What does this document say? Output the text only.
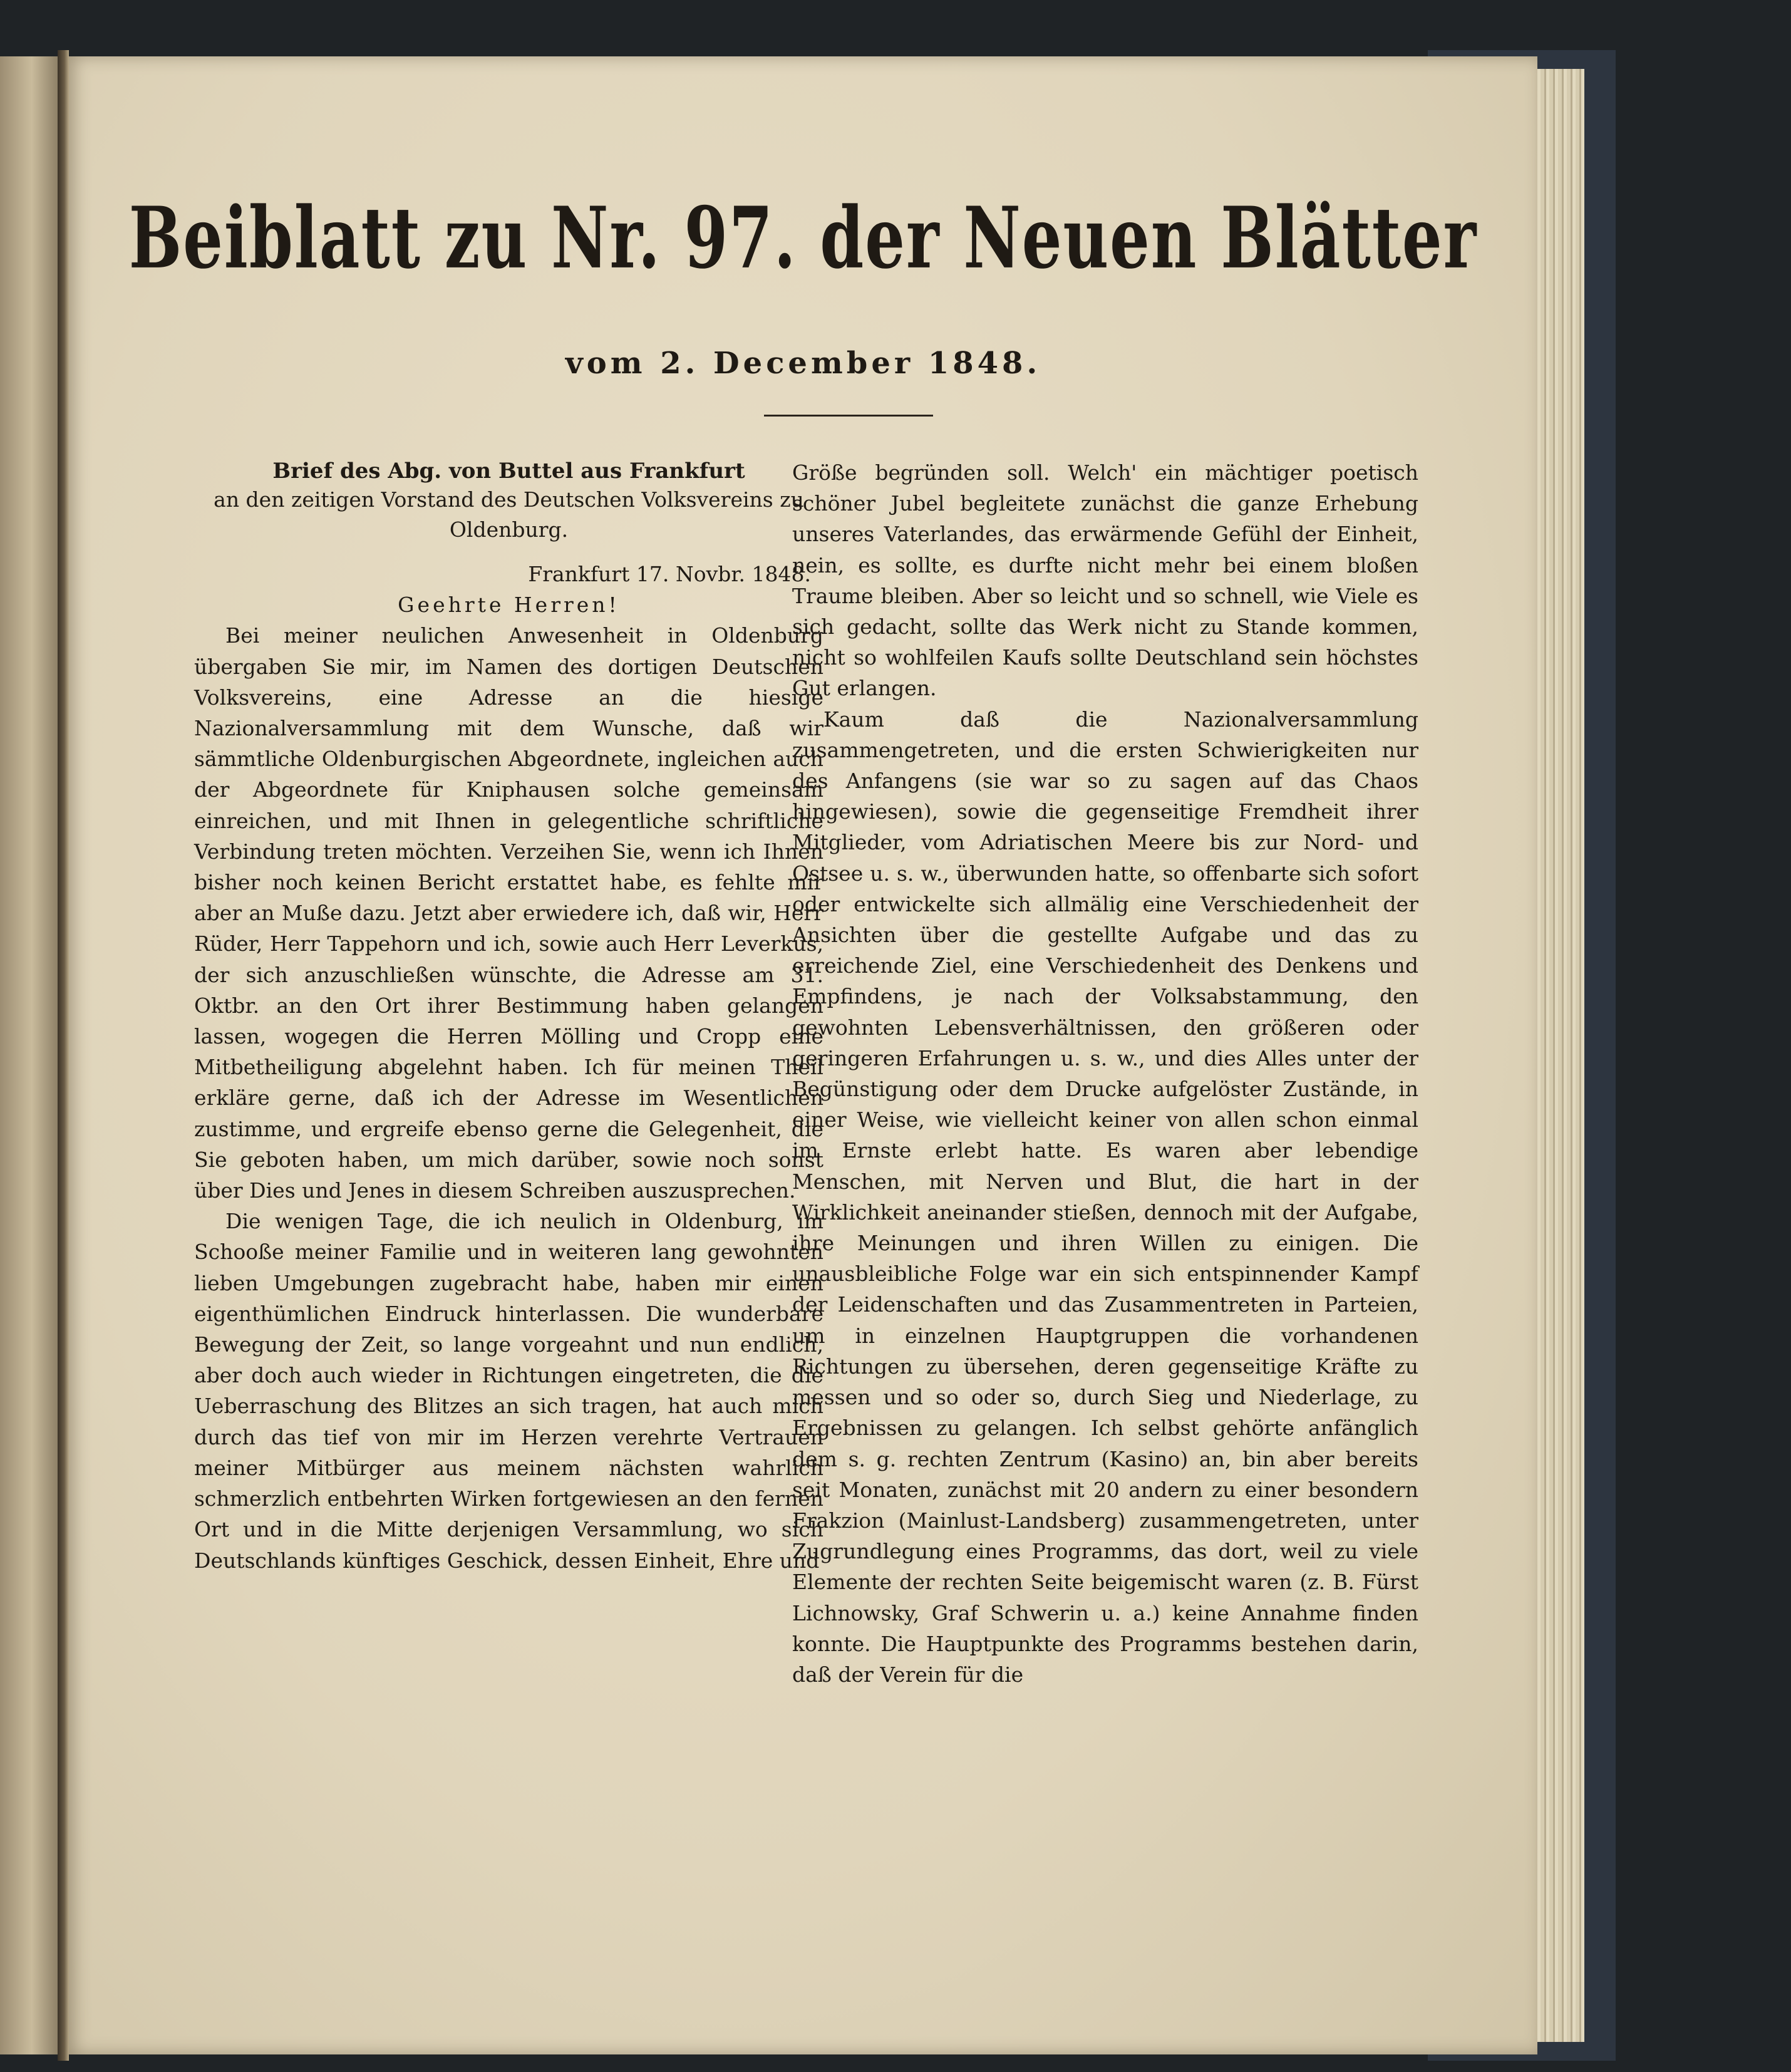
Beiblatt zu Nr. 97. der Neuen Blätter
vom 2. December 1848.

Brief des Abg. von Buttel aus Frankfurt

an den zeitigen Vorstand des Deutschen Volksvereins zu Oldenburg.

Frankfurt 17. Novbr. 1848.

Geehrte Herren!

Bei meiner neulichen Anwesenheit in Oldenburg übergaben Sie mir, im Namen des dortigen Deutschen Volksvereins, eine Adresse an die hiesige Nazionalversammlung mit dem Wunsche, daß wir sämmtliche Oldenburgischen Abgeordnete, ingleichen auch der Abgeordnete für Kniphausen solche gemeinsam einreichen, und mit Ihnen in gelegentliche schriftliche Verbindung treten möchten. Verzeihen Sie, wenn ich Ihnen bisher noch keinen Bericht erstattet habe, es fehlte mir aber an Muße dazu. Jetzt aber erwiedere ich, daß wir, Herr Rüder, Herr Tappehorn und ich, sowie auch Herr Leverkus, der sich anzuschließen wünschte, die Adresse am 31. Oktbr. an den Ort ihrer Bestimmung haben gelangen lassen, wogegen die Herren Mölling und Cropp eine Mitbetheiligung abgelehnt haben. Ich für meinen Theil erkläre gerne, daß ich der Adresse im Wesentlichen zustimme, und ergreife ebenso gerne die Gelegenheit, die Sie geboten haben, um mich darüber, sowie noch sonst über Dies und Jenes in diesem Schreiben auszusprechen.

Die wenigen Tage, die ich neulich in Oldenburg, im Schooße meiner Familie und in weiteren lang gewohnten lieben Umgebungen zugebracht habe, haben mir einen eigenthümlichen Eindruck hinterlassen. Die wunderbare Bewegung der Zeit, so lange vorgeahnt und nun endlich, aber doch auch wieder in Richtungen eingetreten, die die Ueberraschung des Blitzes an sich tragen, hat auch mich durch das tief von mir im Herzen verehrte Vertrauen meiner Mitbürger aus meinem nächsten wahrlich schmerzlich entbehrten Wirken fortgewiesen an den fernen Ort und in die Mitte derjenigen Versammlung, wo sich Deutschlands künftiges Geschick, dessen Einheit, Ehre und

Größe begründen soll. Welch' ein mächtiger poetisch schöner Jubel begleitete zunächst die ganze Erhebung unseres Vaterlandes, das erwärmende Gefühl der Einheit, nein, es sollte, es durfte nicht mehr bei einem bloßen Traume bleiben. Aber so leicht und so schnell, wie Viele es sich gedacht, sollte das Werk nicht zu Stande kommen, nicht so wohlfeilen Kaufs sollte Deutschland sein höchstes Gut erlangen.

Kaum daß die Nazionalversammlung zusammengetreten, und die ersten Schwierigkeiten nur des Anfangens (sie war so zu sagen auf das Chaos hingewiesen), sowie die gegenseitige Fremdheit ihrer Mitglieder, vom Adriatischen Meere bis zur Nord- und Ostsee u. s. w., überwunden hatte, so offenbarte sich sofort oder entwickelte sich allmälig eine Verschiedenheit der Ansichten über die gestellte Aufgabe und das zu erreichende Ziel, eine Verschiedenheit des Denkens und Empfindens, je nach der Volksabstammung, den gewohnten Lebensverhältnissen, den größeren oder geringeren Erfahrungen u. s. w., und dies Alles unter der Begünstigung oder dem Drucke aufgelöster Zustände, in einer Weise, wie vielleicht keiner von allen schon einmal im Ernste erlebt hatte. Es waren aber lebendige Menschen, mit Nerven und Blut, die hart in der Wirklichkeit aneinander stießen, dennoch mit der Aufgabe, ihre Meinungen und ihren Willen zu einigen. Die unausbleibliche Folge war ein sich entspinnender Kampf der Leidenschaften und das Zusammentreten in Parteien, um in einzelnen Hauptgruppen die vorhandenen Richtungen zu übersehen, deren gegenseitige Kräfte zu messen und so oder so, durch Sieg und Niederlage, zu Ergebnissen zu gelangen. Ich selbst gehörte anfänglich dem s. g. rechten Zentrum (Kasino) an, bin aber bereits seit Monaten, zunächst mit 20 andern zu einer besondern Frakzion (Mainlust-Landsberg) zusammengetreten, unter Zugrundlegung eines Programms, das dort, weil zu viele Elemente der rechten Seite beigemischt waren (z. B. Fürst Lichnowsky, Graf Schwerin u. a.) keine Annahme finden konnte. Die Hauptpunkte des Programms bestehen darin, daß der Verein für die
